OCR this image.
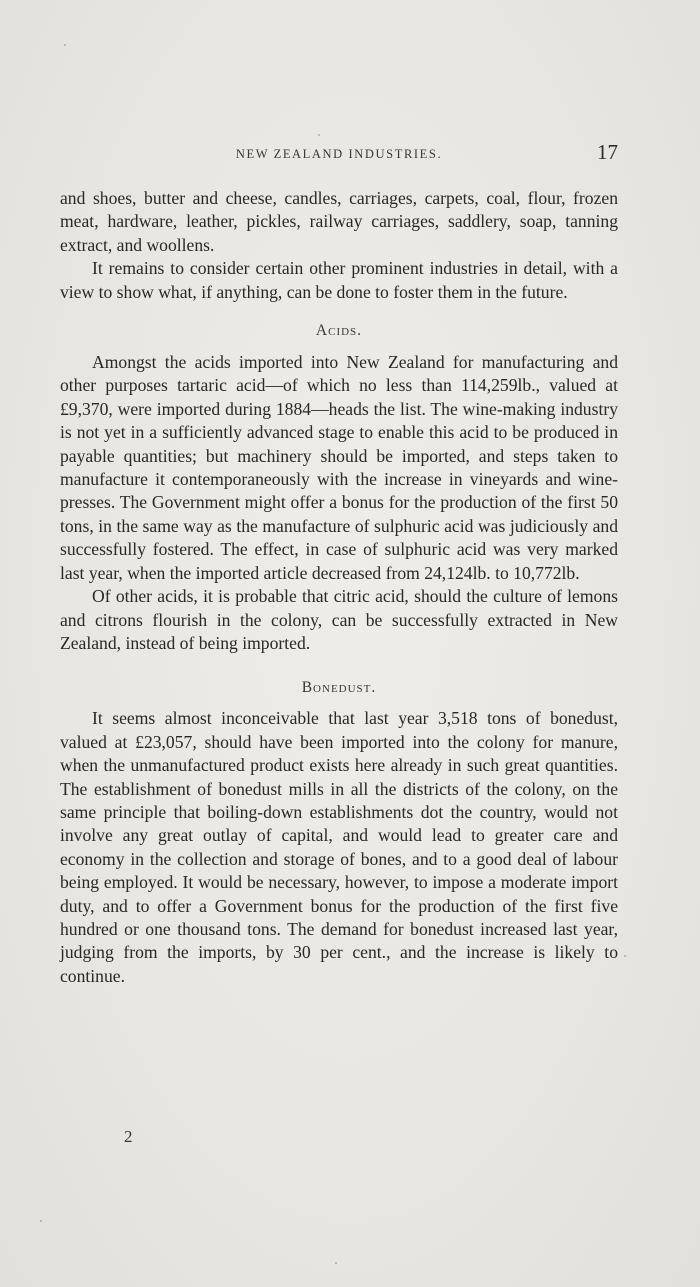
NEW ZEALAND INDUSTRIES.	17

and shoes, butter and cheese, candles, carriages, carpets, coal, flour, frozen meat, hardware, leather, pickles, railway carriages, saddlery, soap, tanning extract, and woollens.

It remains to consider certain other prominent industries in detail, with a view to show what, if anything, can be done to foster them in the future.

Acids.

Amongst the acids imported into New Zealand for manufacturing and other purposes tartaric acid—of which no less than 114,259lb., valued at £9,370, were imported during 1884—heads the list. The wine-making industry is not yet in a sufficiently advanced stage to enable this acid to be produced in payable quantities; but machinery should be imported, and steps taken to manufacture it contemporaneously with the increase in vineyards and wine-presses. The Government might offer a bonus for the production of the first 50 tons, in the same way as the manufacture of sulphuric acid was judiciously and successfully fostered. The effect, in case of sulphuric acid was very marked last year, when the imported article decreased from 24,124lb. to 10,772lb.

Of other acids, it is probable that citric acid, should the culture of lemons and citrons flourish in the colony, can be successfully extracted in New Zealand, instead of being imported.

Bonedust.

It seems almost inconceivable that last year 3,518 tons of bonedust, valued at £23,057, should have been imported into the colony for manure, when the unmanufactured product exists here already in such great quantities. The establishment of bonedust mills in all the districts of the colony, on the same principle that boiling-down establishments dot the country, would not involve any great outlay of capital, and would lead to greater care and economy in the collection and storage of bones, and to a good deal of labour being employed. It would be necessary, however, to impose a moderate import duty, and to offer a Government bonus for the production of the first five hundred or one thousand tons. The demand for bonedust increased last year, judging from the imports, by 30 per cent., and the increase is likely to continue.

2
